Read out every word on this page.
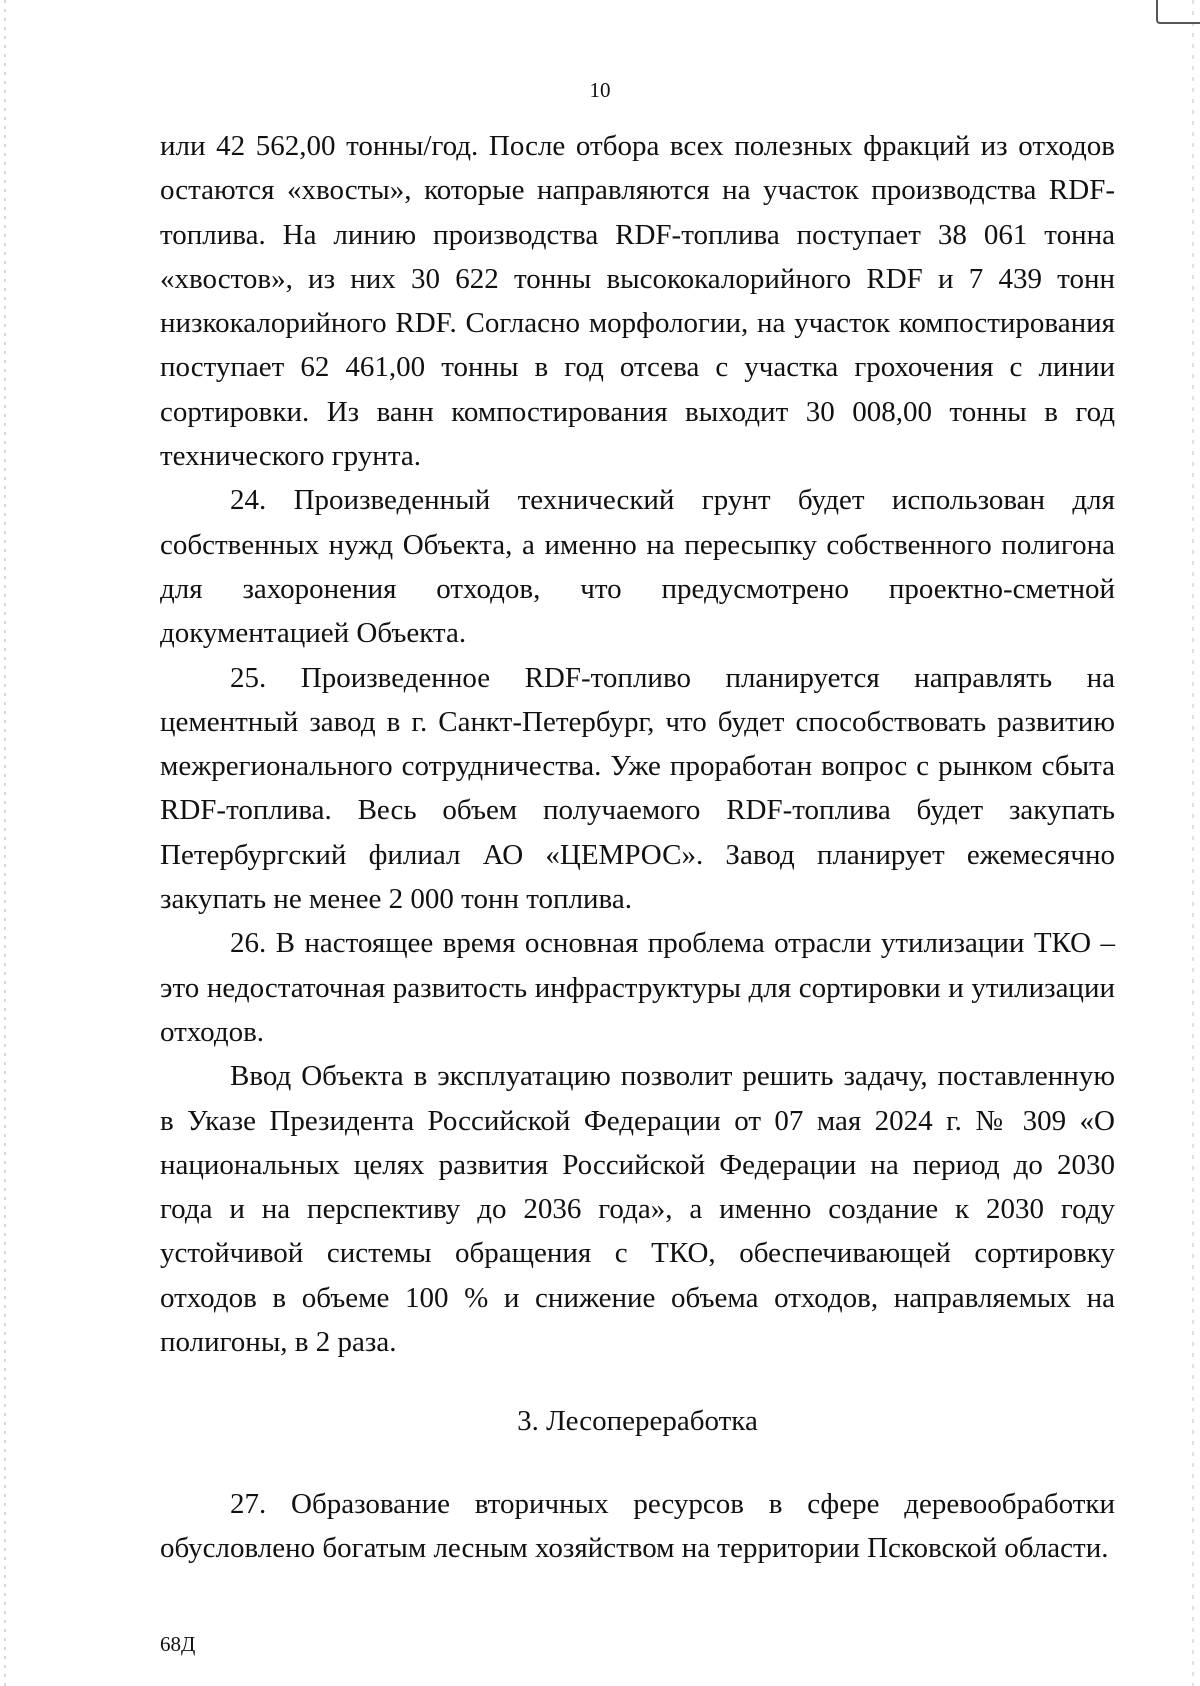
10

или 42 562,00 тонны/год. После отбора всех полезных фракций из отходов остаются «хвосты», которые направляются на участок производства RDF-топлива. На линию производства RDF-топлива поступает 38 061 тонна «хвостов», из них 30 622 тонны высококалорийного RDF и 7 439 тонн низкокалорийного RDF. Согласно морфологии, на участок компостирования поступает 62 461,00 тонны в год отсева с участка грохочения с линии сортировки. Из ванн компостирования выходит 30 008,00 тонны в год технического грунта.

24. Произведенный технический грунт будет использован для собственных нужд Объекта, а именно на пересыпку собственного полигона для захоронения отходов, что предусмотрено проектно-сметной документацией Объекта.

25. Произведенное RDF-топливо планируется направлять на цементный завод в г. Санкт-Петербург, что будет способствовать развитию межрегионального сотрудничества. Уже проработан вопрос с рынком сбыта RDF-топлива. Весь объем получаемого RDF-топлива будет закупать Петербургский филиал АО «ЦЕМРОС». Завод планирует ежемесячно закупать не менее 2 000 тонн топлива.

26. В настоящее время основная проблема отрасли утилизации ТКО – это недостаточная развитость инфраструктуры для сортировки и утилизации отходов.

Ввод Объекта в эксплуатацию позволит решить задачу, поставленную в Указе Президента Российской Федерации от 07 мая 2024 г. № 309 «О национальных целях развития Российской Федерации на период до 2030 года и на перспективу до 2036 года», а именно создание к 2030 году устойчивой системы обращения с ТКО, обеспечивающей сортировку отходов в объеме 100 % и снижение объема отходов, направляемых на полигоны, в 2 раза.

3. Лесопереработка

27. Образование вторичных ресурсов в сфере деревообработки обусловлено богатым лесным хозяйством на территории Псковской области.

68Д
